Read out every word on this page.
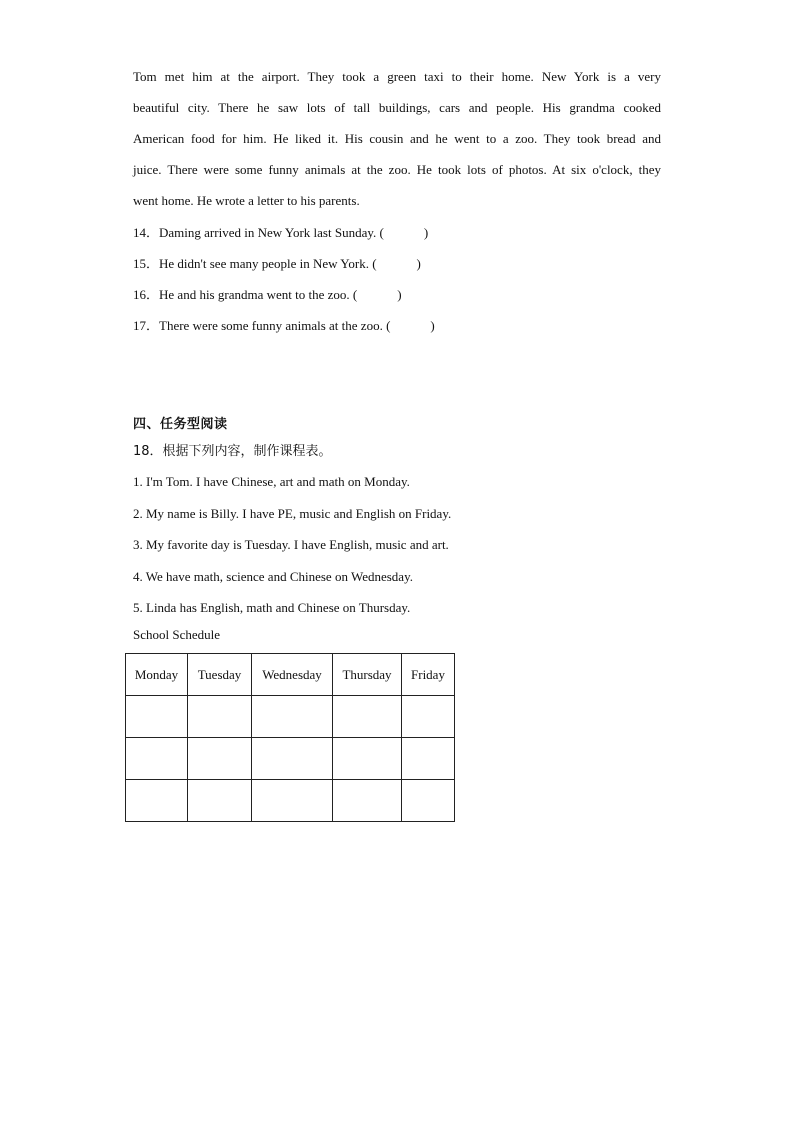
Tom met him at the airport. They took a green taxi to their home. New York is a very
beautiful city. There he saw lots of tall buildings, cars and people. His grandma cooked
American food for him. He liked it. His cousin and he went to a zoo. They took bread and
juice. There were some funny animals at the zoo. He took lots of photos. At six o'clock, they
went home. He wrote a letter to his parents.
14．Daming arrived in New York last Sunday. (	)
15．He didn't see many people in New York. (	)
16．He and his grandma went to the zoo. (	)
17．There were some funny animals at the zoo. (	)
四、任务型阅读
18．根据下列内容，制作课程表。
1. I'm Tom. I have Chinese, art and math on Monday.
2. My name is Billy. I have PE, music and English on Friday.
3. My favorite day is Tuesday. I have English, music and art.
4. We have math, science and Chinese on Wednesday.
5. Linda has English, math and Chinese on Thursday.
School Schedule
Monday	Tuesday	Wednesday	Thursday	Friday
